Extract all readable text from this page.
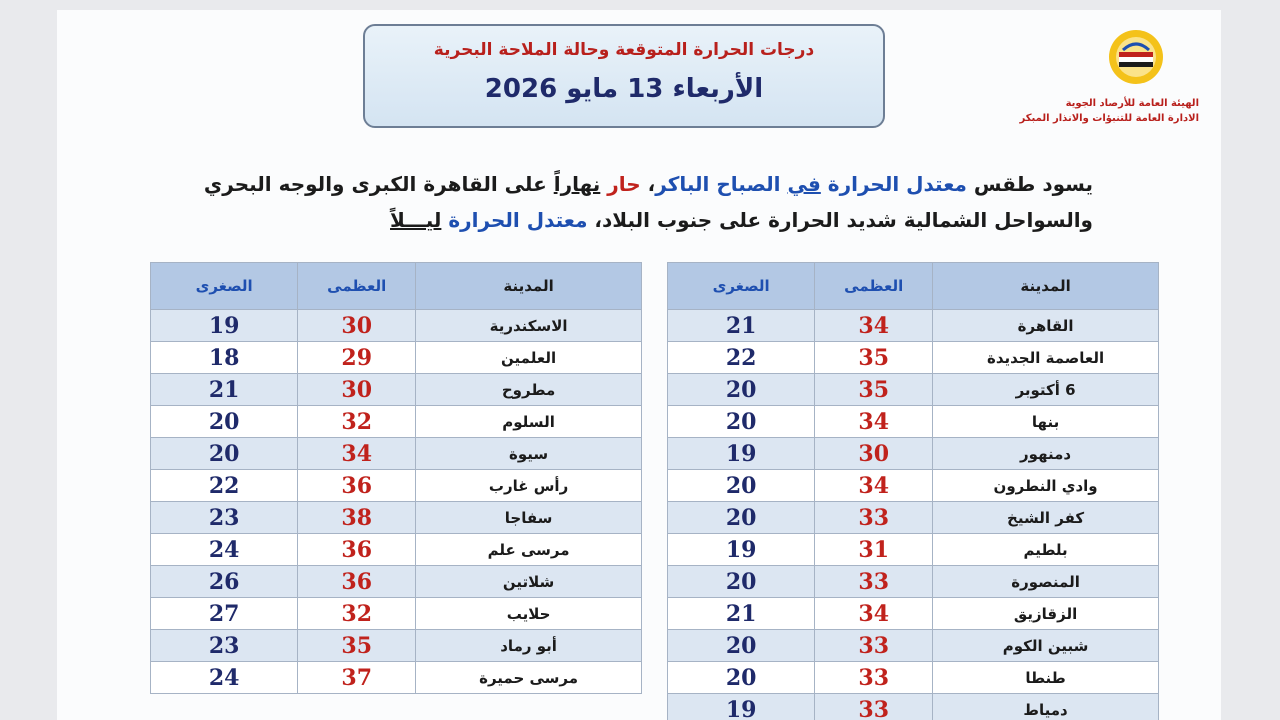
درجات الحرارة المتوقعة وحالة الملاحة البحرية
الأربعاء 13 مايو 2026	الهيئة العامة للأرصاد الجوية
الادارة العامة للتنبؤات والانذار المبكر
يسود طقس معتدل الحرارة في الصباح الباكر، حار نهاراً على القاهرة الكبرى والوجه البحري والسواحل الشمالية شديد الحرارة على جنوب البلاد، معتدل الحرارة ليـــلاً
المدينة	العظمى	الصغرى
القاهرة	34	21
العاصمة الجديدة	35	22
6 أكتوبر	35	20
بنها	34	20
دمنهور	30	19
وادي النطرون	34	20
كفر الشيخ	33	20
بلطيم	31	19
المنصورة	33	20
الزقازيق	34	21
شبين الكوم	33	20
طنطا	33	20
دمياط	33	19
المدينة	العظمى	الصغرى
الاسكندرية	30	19
العلمين	29	18
مطروح	30	21
السلوم	32	20
سيوة	34	20
رأس غارب	36	22
سفاجا	38	23
مرسى علم	36	24
شلاتين	36	26
حلايب	32	27
أبو رماد	35	23
مرسى حميرة	37	24
